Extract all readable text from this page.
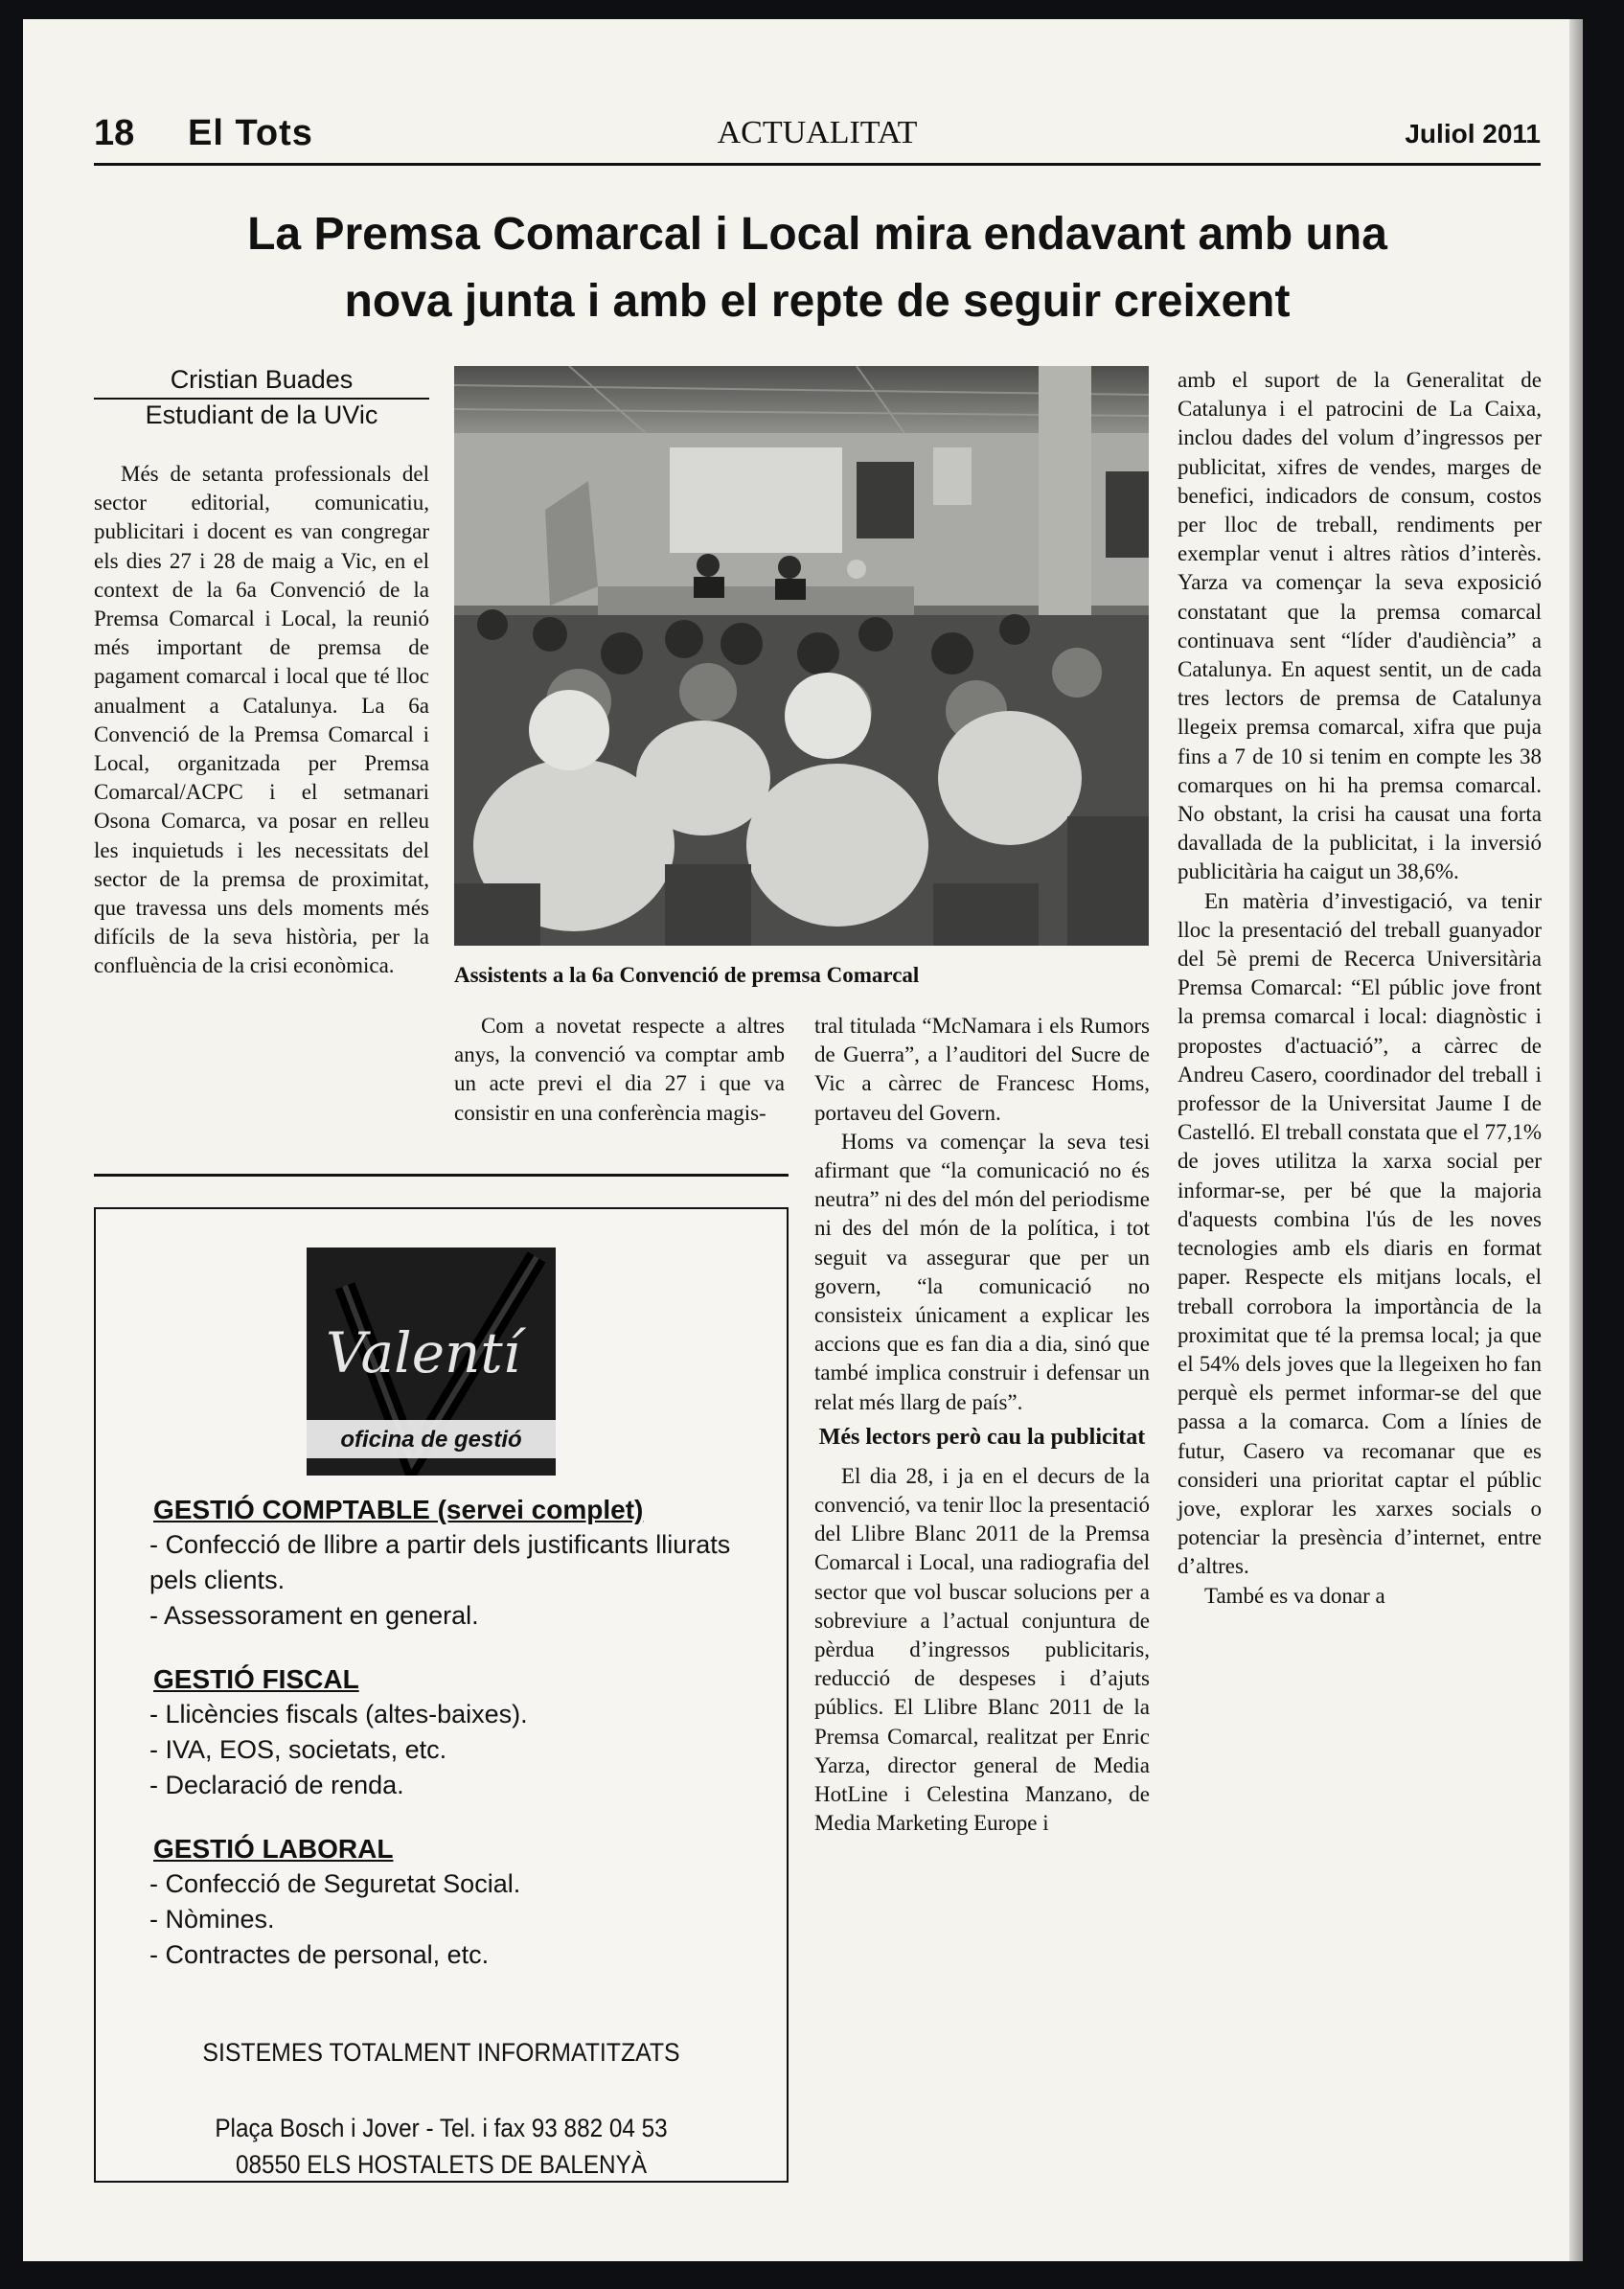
18 El Tots	ACTUALITAT	Juliol 2011
La Premsa Comarcal i Local mira endavant amb una
nova junta i amb el repte de seguir creixent
Cristian Buades
Estudiant de la UVic

Més de setanta professionals del sector editorial, comunicatiu, publicitari i docent es van congregar els dies 27 i 28 de maig a Vic, en el context de la 6a Convenció de la Premsa Comarcal i Local, la reunió més important de premsa de pagament comarcal i local que té lloc anualment a Catalunya. La 6a Convenció de la Premsa Comarcal i Local, organitzada per Premsa Comarcal/ACPC i el setmanari Osona Comarca, va posar en relleu les inquietuds i les necessitats del sector de la premsa de proximitat, que travessa uns dels moments més difícils de la seva història, per la confluència de la crisi econòmica.	Assistents a la 6a Convenció de premsa Comarcal

Com a novetat respecte a altres anys, la convenció va comptar amb un acte previ el dia 27 i que va consistir en una conferència magis-

tral titulada “McNamara i els Rumors de Guerra”, a l’auditori del Sucre de Vic a càrrec de Francesc Homs, portaveu del Govern.

Homs va començar la seva tesi afirmant que “la comunicació no és neutra” ni des del món del periodisme ni des del món de la política, i tot seguit va assegurar que per un govern, “la comunicació no consisteix únicament a explicar les accions que es fan dia a dia, sinó que també implica construir i defensar un relat més llarg de país”.

Més lectors però cau la publicitat

El dia 28, i ja en el decurs de la convenció, va tenir lloc la presentació del Llibre Blanc 2011 de la Premsa Comarcal i Local, una radiografia del sector que vol buscar solucions per a sobreviure a l’actual conjuntura de pèrdua d’ingressos publicitaris, reducció de despeses i d’ajuts públics. El Llibre Blanc 2011 de la Premsa Comarcal, realitzat per Enric Yarza, director general de Media HotLine i Celestina Manzano, de Media Marketing Europe i

amb el suport de la Generalitat de Catalunya i el patrocini de La Caixa, inclou dades del volum d’ingressos per publicitat, xifres de vendes, marges de benefici, indicadors de consum, costos per lloc de treball, rendiments per exemplar venut i altres ràtios d’interès. Yarza va començar la seva exposició constatant que la premsa comarcal continuava sent “líder d'audiència” a Catalunya. En aquest sentit, un de cada tres lectors de premsa de Catalunya llegeix premsa comarcal, xifra que puja fins a 7 de 10 si tenim en compte les 38 comarques on hi ha premsa comarcal. No obstant, la crisi ha causat una forta davallada de la publicitat, i la inversió publicitària ha caigut un 38,6%.

En matèria d’investigació, va tenir lloc la presentació del treball guanyador del 5è premi de Recerca Universitària Premsa Comarcal: “El públic jove front la premsa comarcal i local: diagnòstic i propostes d'actuació”, a càrrec de Andreu Casero, coordinador del treball i professor de la Universitat Jaume I de Castelló. El treball constata que el 77,1% de joves utilitza la xarxa social per informar-se, per bé que la majoria d'aquests combina l'ús de les noves tecnologies amb els diaris en format paper. Respecte els mitjans locals, el treball corrobora la importància de la proximitat que té la premsa local; ja que el 54% dels joves que la llegeixen ho fan perquè els permet informar-se del que passa a la comarca. Com a línies de futur, Casero va recomanar que es consideri una prioritat captar el públic jove, explorar les xarxes socials o potenciar la presència d’internet, entre d’altres.

També es va donar a

Valentí
oficina de gestió
GESTIÓ COMPTABLE (servei complet)
- Confecció de llibre a partir dels justificants lliurats pels clients.
- Assessorament en general.
GESTIÓ FISCAL
- Llicències fiscals (altes-baixes).
- IVA, EOS, societats, etc.
- Declaració de renda.
GESTIÓ LABORAL
- Confecció de Seguretat Social.
- Nòmines.
- Contractes de personal, etc.
SISTEMES TOTALMENT INFORMATITZATS
Plaça Bosch i Jover - Tel. i fax 93 882 04 53
08550 ELS HOSTALETS DE BALENYÀ
